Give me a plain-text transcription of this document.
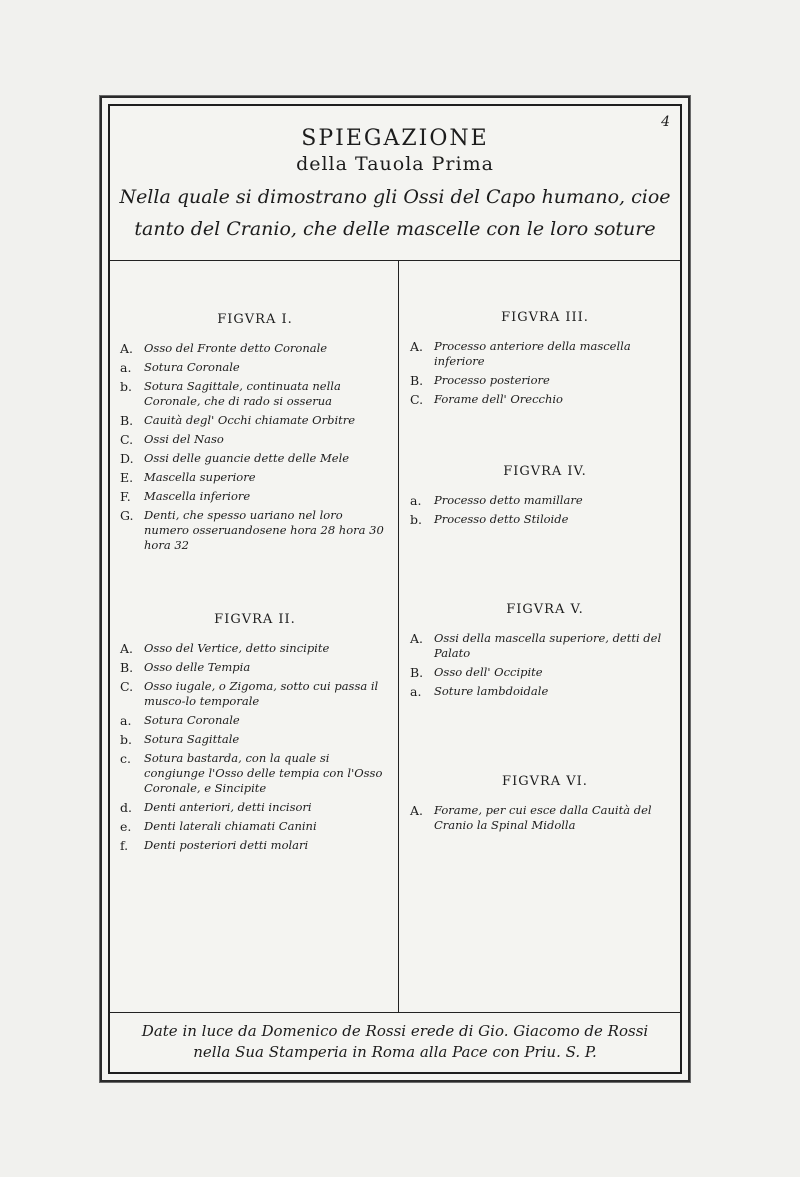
4
SPIEGAZIONE
della Tauola Prima
Nella quale si dimostrano gli Ossi del Capo humano, cioe
tanto del Cranio, che delle mascelle con le loro soture
FIGVRA I.
A. Osso del Fronte detto Coronale
a.	Sotura Coronale
b.	Sotura Sagittale, continuata nella Coronale, che di rado si osserua
B. Cauità degl' Occhi chiamate Orbitre
C. Ossi del Naso
D. Ossi delle guancie dette delle Mele
E. Mascella superiore
F.	Mascella inferiore
G. Denti, che spesso uariano nel loro numero osseruandosene hora 28 hora 30 hora 32
FIGVRA II.
A. Osso del Vertice, detto sincipite
B. Osso delle Tempia
C. Osso iugale, o Zigoma, sotto cui passa il musco-lo temporale
a.	Sotura Coronale
b.	Sotura Sagittale
c.	Sotura bastarda, con la quale si congiunge l'Osso delle tempia con l'Osso Coronale, e Sincipite
d.	Denti anteriori, detti incisori
e.	Denti laterali chiamati Canini
f.	Denti posteriori detti molari
FIGVRA III.
A. Processo anteriore della mascella inferiore
B. Processo posteriore
C. Forame dell' Orecchio
FIGVRA IV.
a.	Processo detto mamillare
b.	Processo detto Stiloide
FIGVRA V.
A. Ossi della mascella superiore, detti del Palato
B. Osso dell' Occipite
a.	Soture lambdoidale
FIGVRA VI.
A. Forame, per cui esce dalla Cauità del Cranio la Spinal Midolla
Date in luce da Domenico de Rossi erede di Gio. Giacomo de Rossi
nella Sua Stamperia in Roma alla Pace con Priu. S. P.
